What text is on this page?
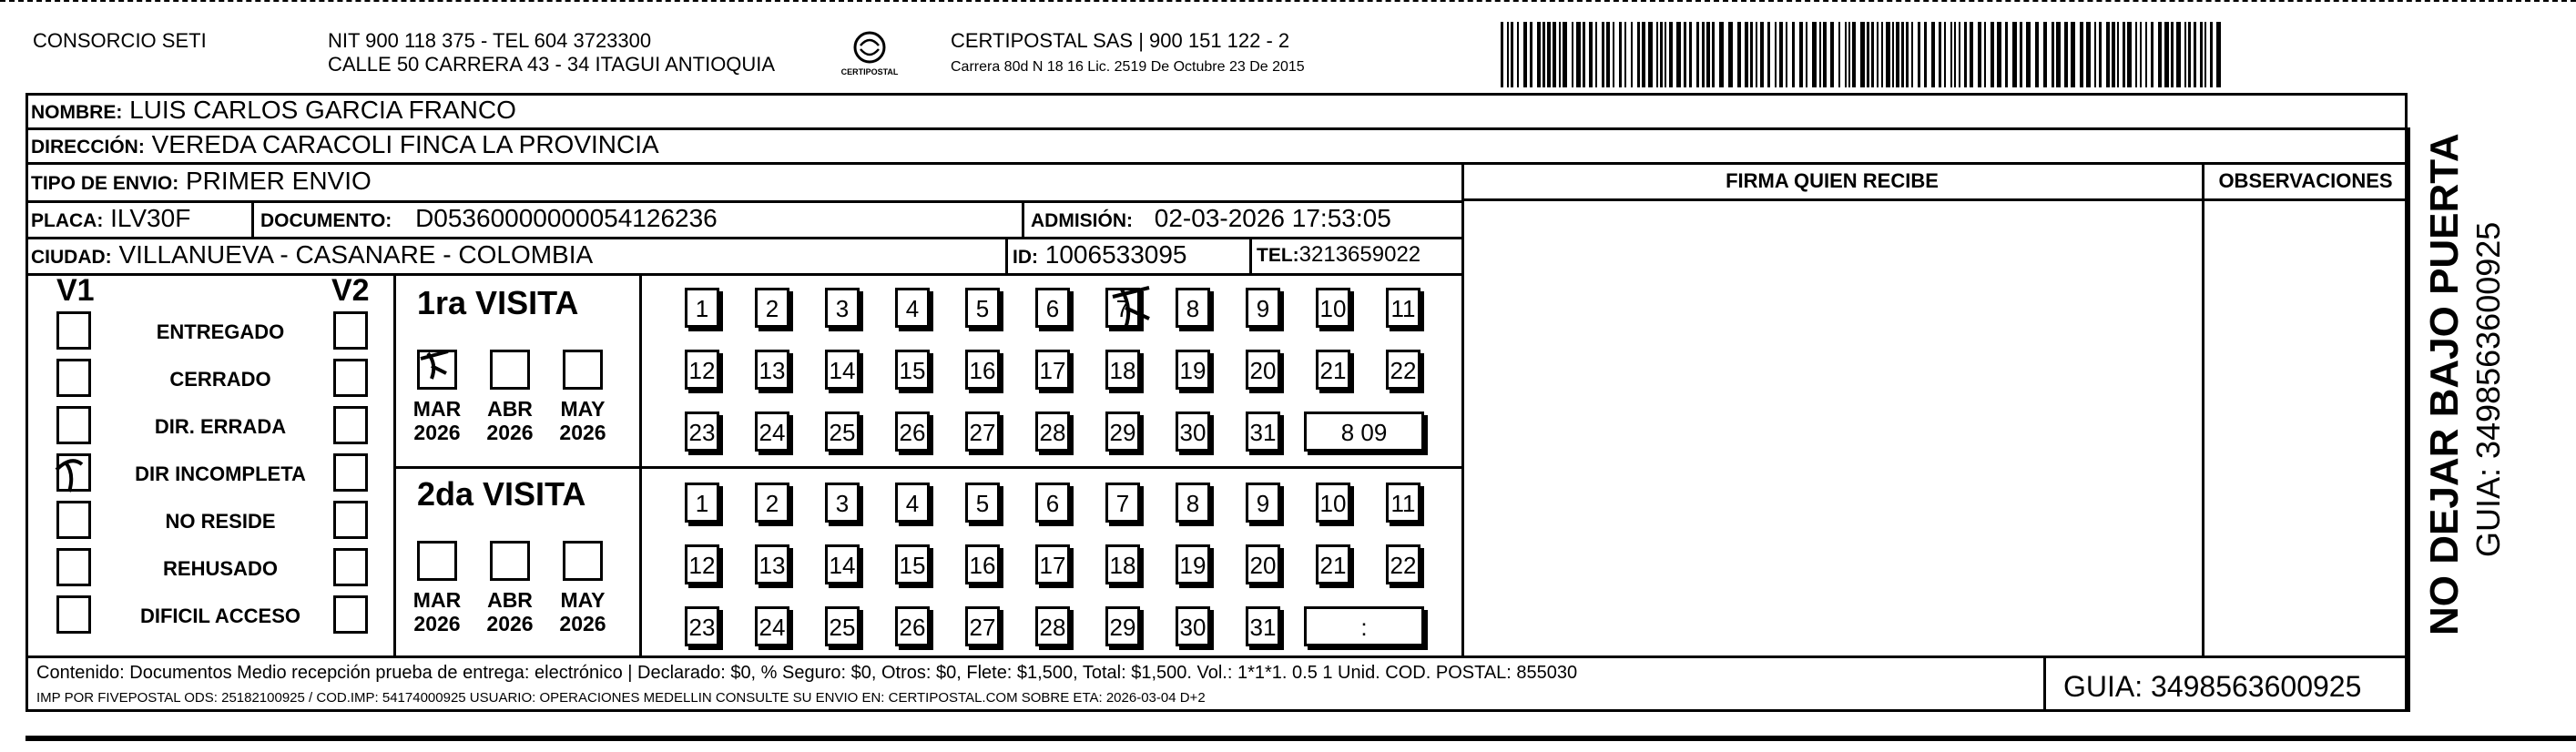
CONSORCIO SETI	NIT 900 118 375 - TEL 604 3723300
CALLE 50 CARRERA 43 - 34 ITAGUI ANTIOQUIA	CERTIPOSTAL
CERTIPOSTAL SAS | 900 151 122 - 2
Carrera 80d N 18 16 Lic. 2519 De Octubre 23 De 2015
NOMBRE: LUIS CARLOS GARCIA FRANCO
DIRECCIÓN: VEREDA CARACOLI FINCA LA PROVINCIA
TIPO DE ENVIO: PRIMER ENVIO
PLACA: ILV30F	DOCUMENTO: D05360000000054126236	ADMISIÓN: 02-03-2026 17:53:05
CIUDAD: VILLANUEVA - CASANARE - COLOMBIA	ID: 1006533095	TEL:3213659022
FIRMA QUIEN RECIBE	OBSERVACIONES
V1	V2
ENTREGADO
CERRADO
DIR. ERRADA
DIR INCOMPLETA
NO RESIDE
REHUSADO
DIFICIL ACCESO
1ra VISITA
2da VISITA
MAR
2026
ABR
2026
MAY
2026
MAR
2026
ABR
2026
MAY
2026
1	2	3	4	5	6	7	8	9	10 11
12 13 14 15 16 17 18 19 20 21 22
23 24 25 26 27 28 29 30 31	8 09
1	2	3	4	5	6	7	8	9	10 11
12 13 14 15 16 17 18 19 20 21 22
23 24 25 26 27 28 29 30 31	:
Contenido: Documentos Medio recepción prueba de entrega: electrónico | Declarado: $0, % Seguro: $0, Otros: $0, Flete: $1,500, Total: $1,500. Vol.: 1*1*1. 0.5 1 Unid. COD. POSTAL: 855030
IMP POR FIVEPOSTAL ODS: 25182100925 / COD.IMP: 54174000925 USUARIO: OPERACIONES MEDELLIN CONSULTE SU ENVIO EN: CERTIPOSTAL.COM SOBRE ETA: 2026-03-04 D+2	GUIA: 3498563600925
NO DEJAR BAJO PUERTA GUIA: 3498563600925
